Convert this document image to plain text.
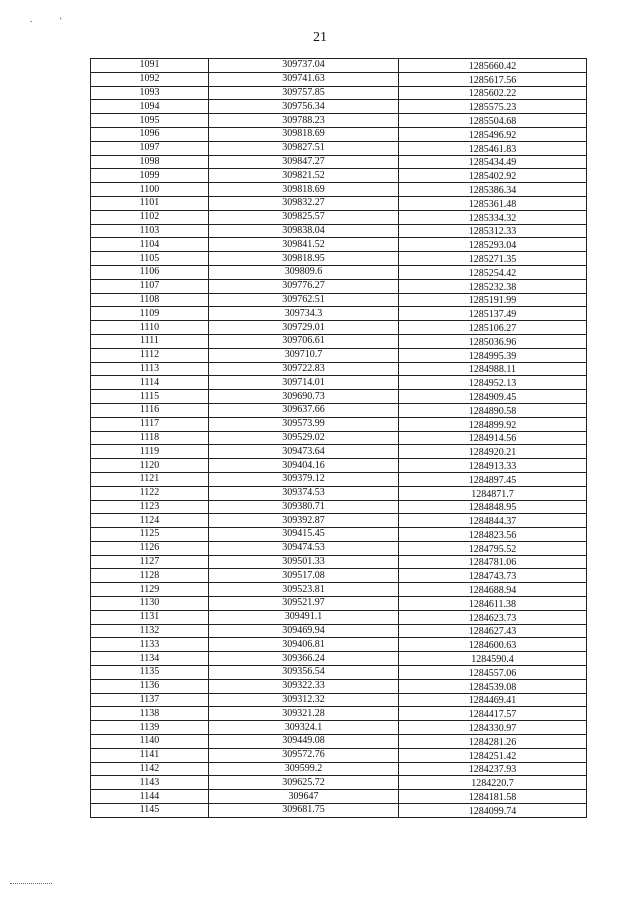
.	'
21
1091	309737.04	1285660.42
1092	309741.63	1285617.56
1093	309757.85	1285602.22
1094	309756.34	1285575.23
1095	309788.23	1285504.68
1096	309818.69	1285496.92
1097	309827.51	1285461.83
1098	309847.27	1285434.49
1099	309821.52	1285402.92
1100	309818.69	1285386.34
1101	309832.27	1285361.48
1102	309825.57	1285334.32
1103	309838.04	1285312.33
1104	309841.52	1285293.04
1105	309818.95	1285271.35
1106	309809.6	1285254.42
1107	309776.27	1285232.38
1108	309762.51	1285191.99
1109	309734.3	1285137.49
1110	309729.01	1285106.27
1111	309706.61	1285036.96
1112	309710.7	1284995.39
1113	309722.83	1284988.11
1114	309714.01	1284952.13
1115	309690.73	1284909.45
1116	309637.66	1284890.58
1117	309573.99	1284899.92
1118	309529.02	1284914.56
1119	309473.64	1284920.21
1120	309404.16	1284913.33
1121	309379.12	1284897.45
1122	309374.53	1284871.7
1123	309380.71	1284848.95
1124	309392.87	1284844.37
1125	309415.45	1284823.56
1126	309474.53	1284795.52
1127	309501.33	1284781.06
1128	309517.08	1284743.73
1129	309523.81	1284688.94
1130	309521.97	1284611.38
1131	309491.1	1284623.73
1132	309469.94	1284627.43
1133	309406.81	1284600.63
1134	309366.24	1284590.4
1135	309356.54	1284557.06
1136	309322.33	1284539.08
1137	309312.32	1284469.41
1138	309321.28	1284417.57
1139	309324.1	1284330.97
1140	309449.08	1284281.26
1141	309572.76	1284251.42
1142	309599.2	1284237.93
1143	309625.72	1284220.7
1144	309647	1284181.58
1145	309681.75	1284099.74
